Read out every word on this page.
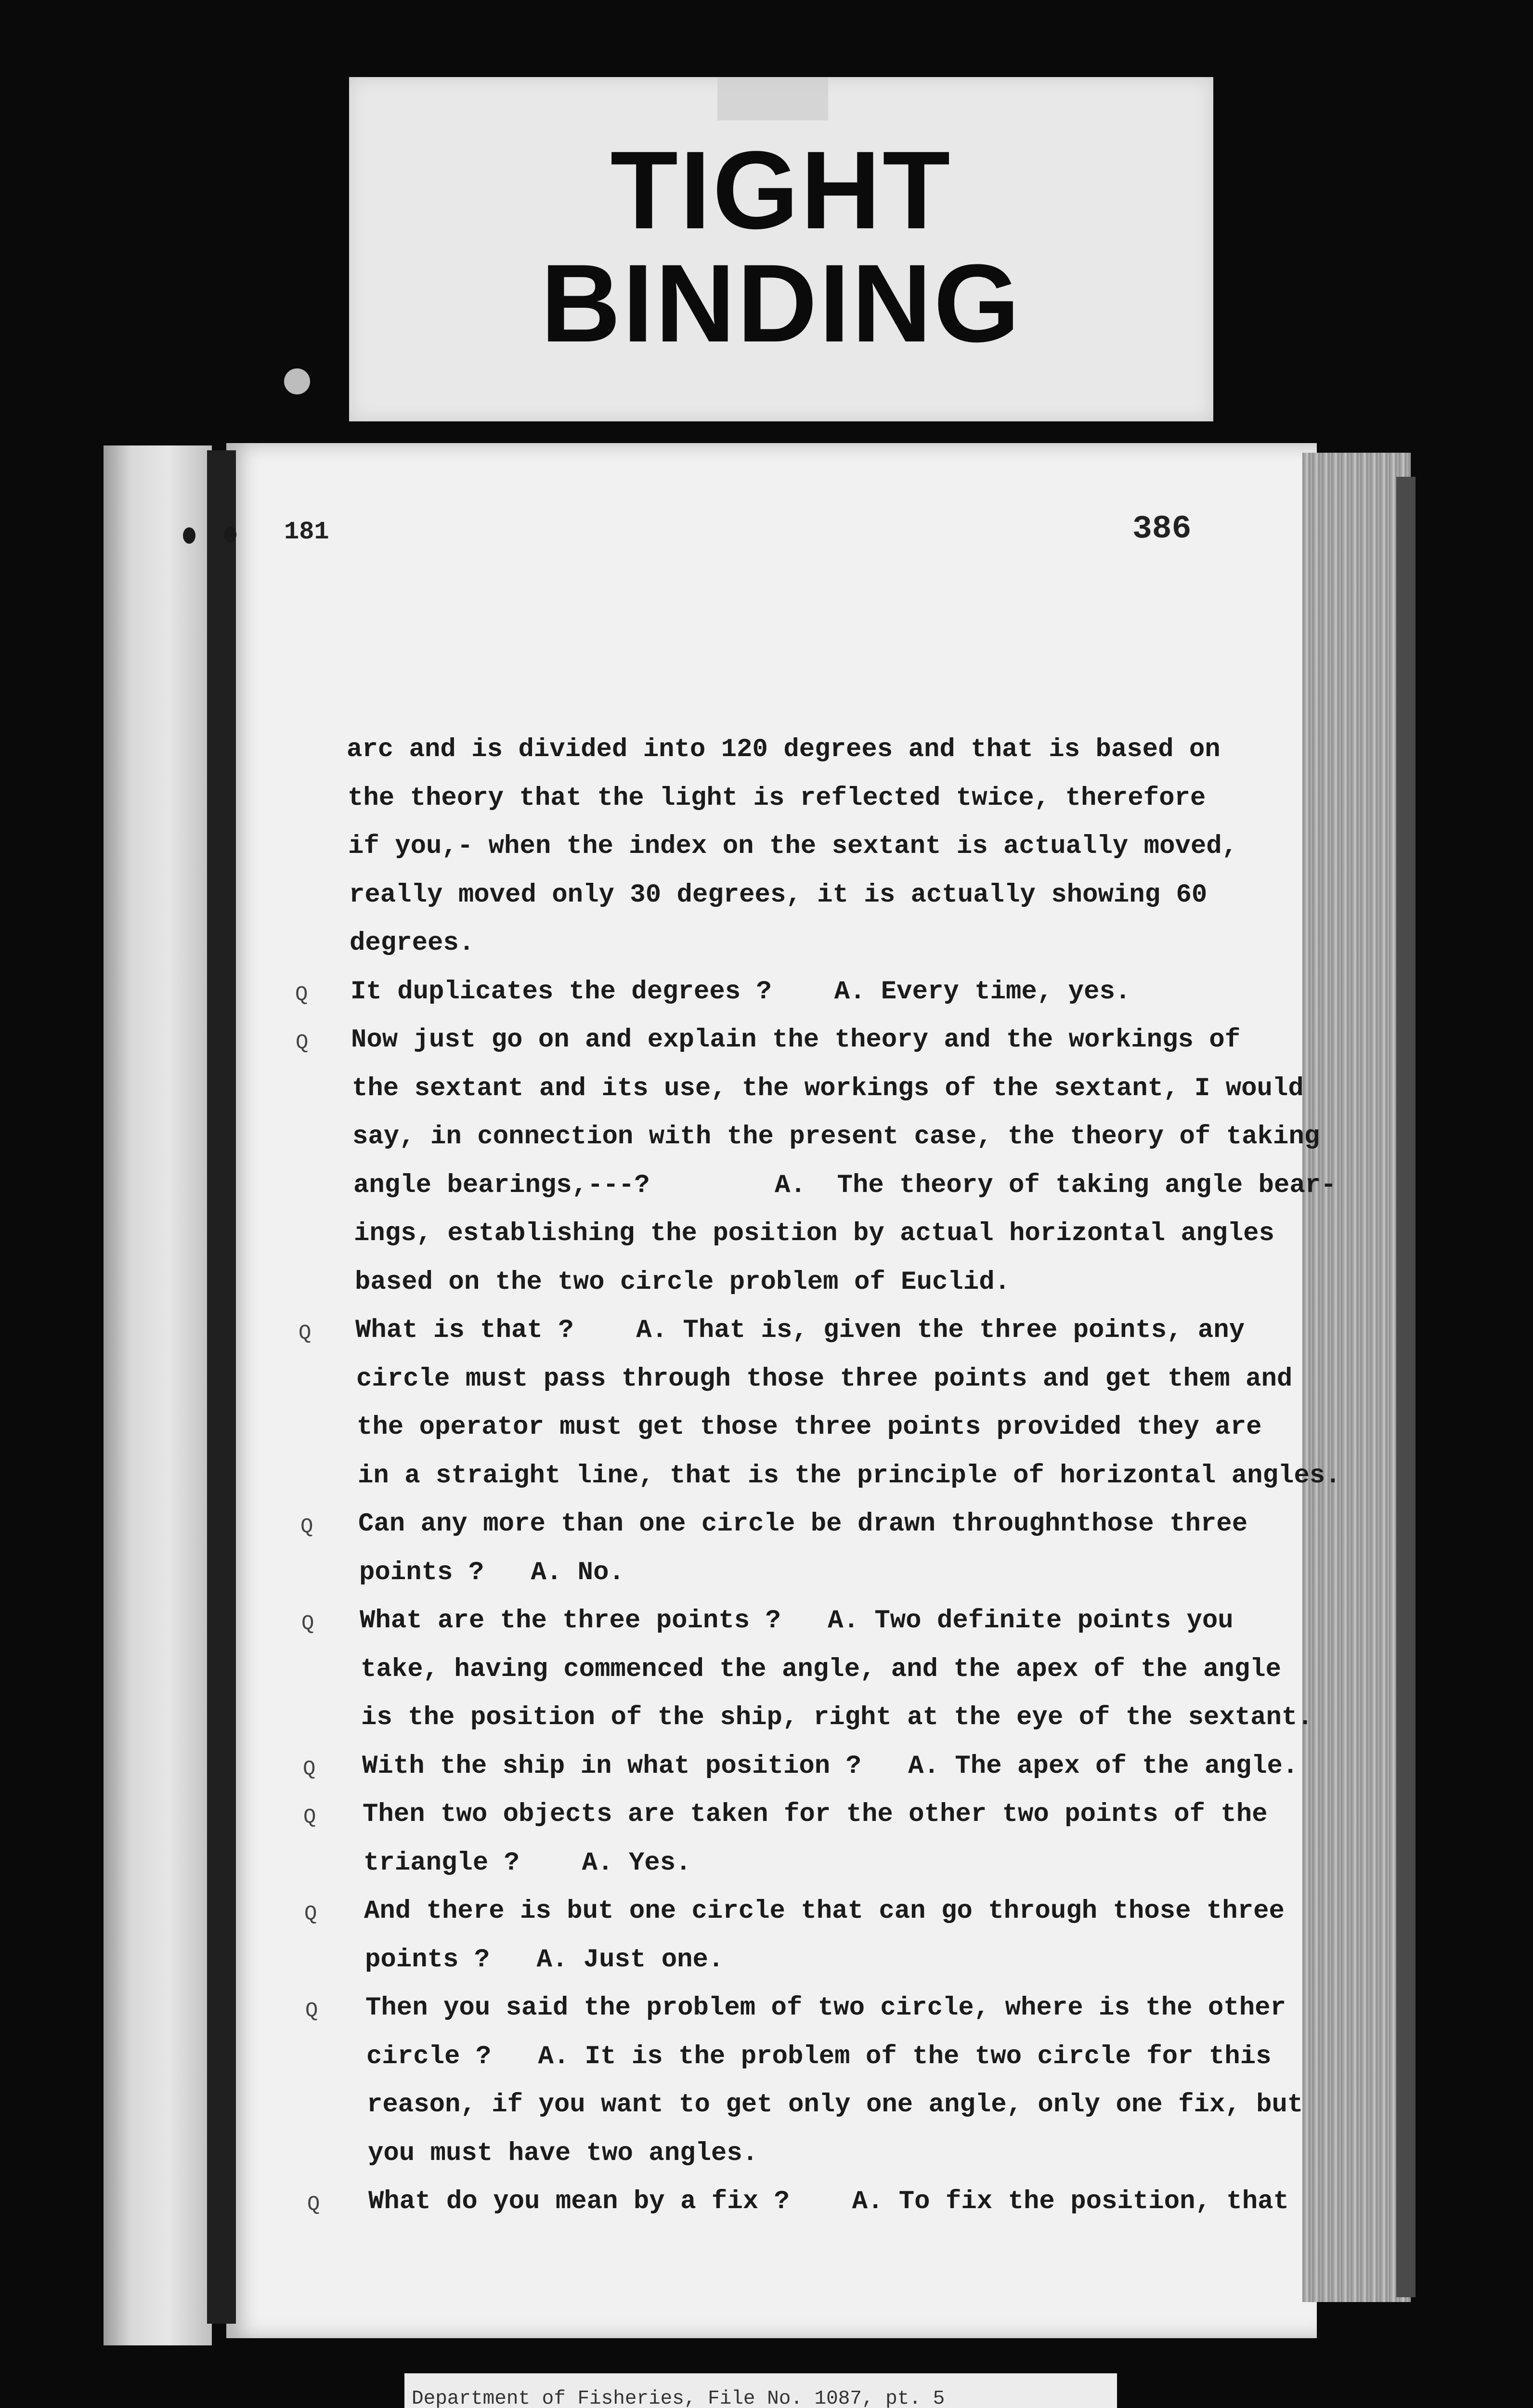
TIGHT
BINDING
181	386
arc and is divided into 120 degrees and that is based on
the theory that the light is reflected twice, therefore
if you,- when the index on the sextant is actually moved,
really moved only 30 degrees, it is actually showing 60
degrees.
Q It duplicates the degrees ?    A. Every time, yes.
Q Now just go on and explain the theory and the workings of
the sextant and its use, the workings of the sextant, I would
say, in connection with the present case, the theory of taking
angle bearings,---?        A.  The theory of taking angle bear-
ings, establishing the position by actual horizontal angles
based on the two circle problem of Euclid.
Q What is that ?    A. That is, given the three points, any
circle must pass through those three points and get them and
the operator must get those three points provided they are
in a straight line, that is the principle of horizontal angles.
Q Can any more than one circle be drawn throughnthose three
points ?   A. No.
Q What are the three points ?   A. Two definite points you
take, having commenced the angle, and the apex of the angle
is the position of the ship, right at the eye of the sextant.
Q With the ship in what position ?   A. The apex of the angle.
Q Then two objects are taken for the other two points of the
triangle ?    A. Yes.
Q And there is but one circle that can go through those three
points ?   A. Just one.
Q Then you said the problem of two circle, where is the other
circle ?   A. It is the problem of the two circle for this
reason, if you want to get only one angle, only one fix, but
you must have two angles.
Q What do you mean by a fix ?    A. To fix the position, that
Department of Fisheries, File No. 1087, pt. 5
